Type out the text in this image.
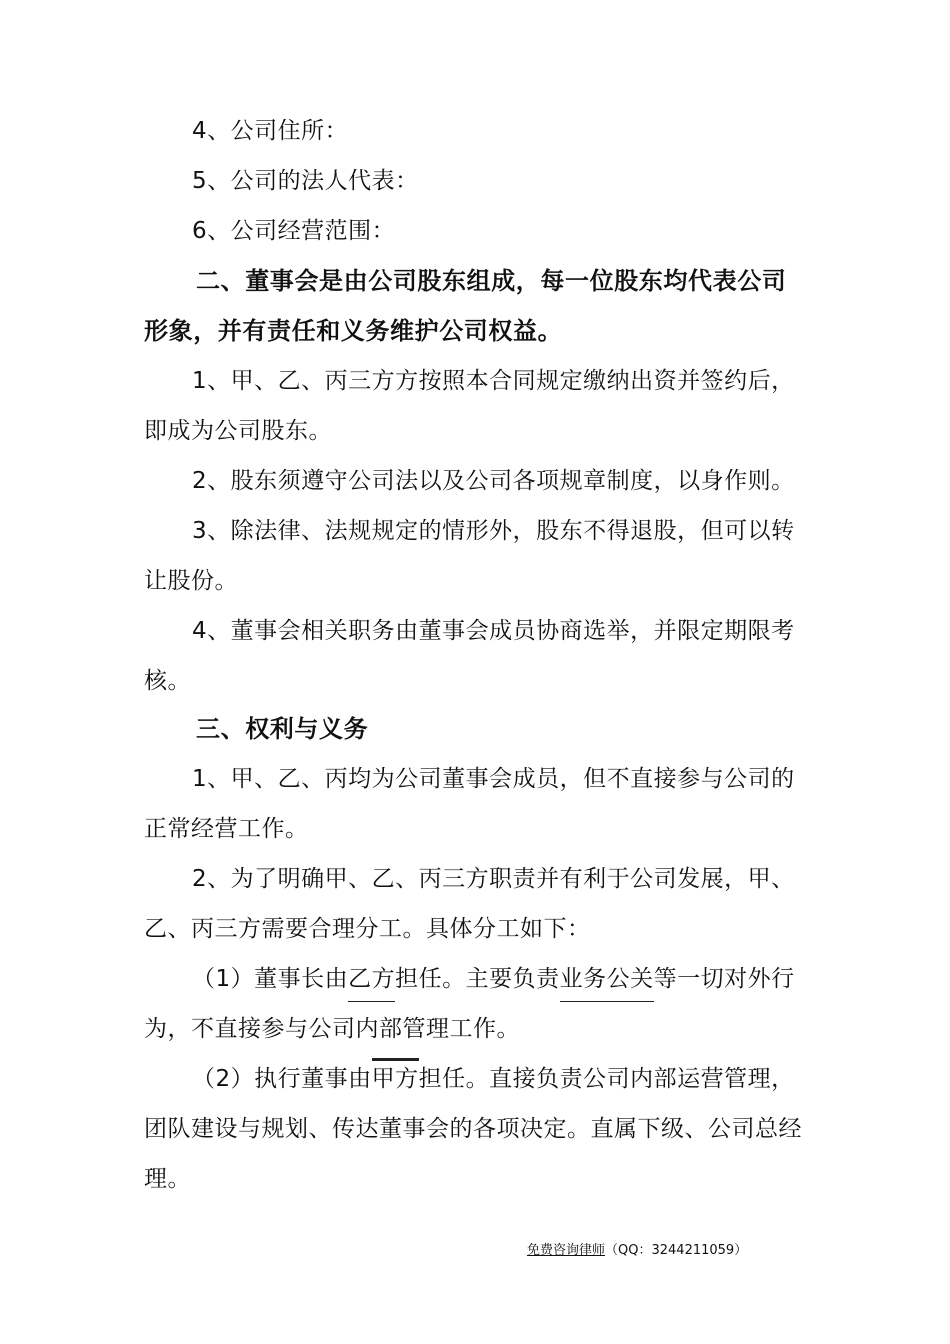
4、公司住所：
5、公司的法人代表：
6、公司经营范围：
二、董事会是由公司股东组成，每一位股东均代表公司
形象，并有责任和义务维护公司权益。
1、甲、乙、丙三方方按照本合同规定缴纳出资并签约后，
即成为公司股东。
2、股东须遵守公司法以及公司各项规章制度，以身作则。
3、除法律、法规规定的情形外，股东不得退股，但可以转
让股份。
4、董事会相关职务由董事会成员协商选举，并限定期限考
核。
三、权利与义务
1、甲、乙、丙均为公司董事会成员，但不直接参与公司的
正常经营工作。
2、为了明确甲、乙、丙三方职责并有利于公司发展，甲、
乙、丙三方需要合理分工。具体分工如下：
（1）董事长由乙方担任。主要负责业务公关等一切对外行
为，不直接参与公司内部管理工作。
（2）执行董事由甲方担任。直接负责公司内部运营管理，
团队建设与规划、传达董事会的各项决定。直属下级、公司总经
理。
免费咨询律师（QQ：3244211059）
